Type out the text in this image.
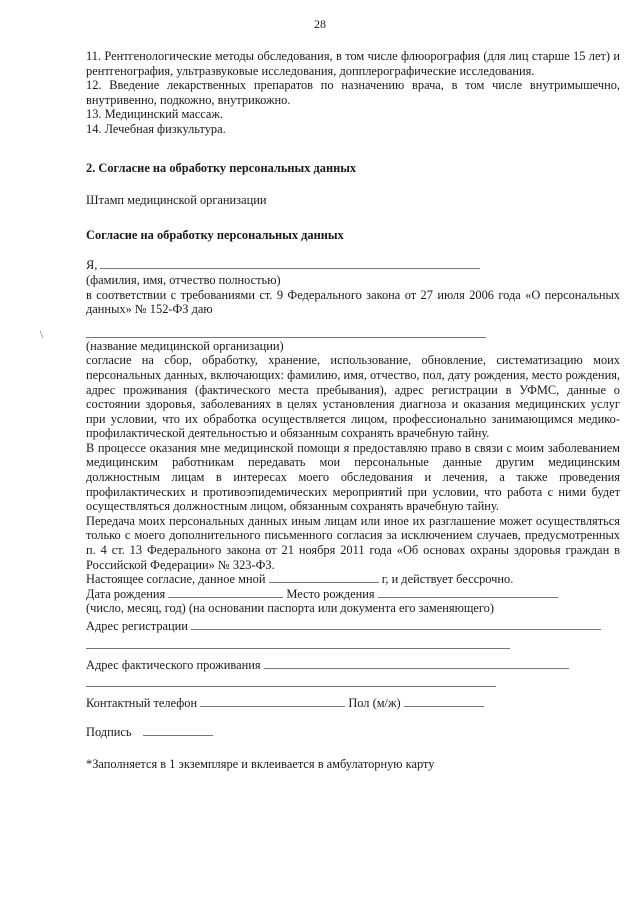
28
\

11. Рентгенологические методы обследования, в том числе флюорография (для лиц старше 15 лет) и рентгенография, ультразвуковые исследования, допплерографические исследования.

12. Введение лекарственных препаратов по назначению врача, в том числе внутримышечно, внутривенно, подкожно, внутрикожно.

13. Медицинский массаж.

14. Лечебная физкультура.

2. Согласие на обработку персональных данных

Штамп медицинской организации

Согласие на обработку персональных данных

Я,

(фамилия, имя, отчество полностью)

в соответствии с требованиями ст. 9 Федерального закона от 27 июля 2006 года «О персональных данных» № 152-ФЗ даю

(название медицинской организации)

согласие на сбор, обработку, хранение, использование, обновление, систематизацию моих персональных данных, включающих: фамилию, имя, отчество, пол, дату рождения, место рождения, адрес проживания (фактического места пребывания), адрес регистрации в УФМС, данные о состоянии здоровья, заболеваниях в целях установления диагноза и оказания медицинских услуг при условии, что их обработка осуществляется лицом, профессионально занимающимся медико-профилактической деятельностью и обязанным сохранять врачебную тайну.

В процессе оказания мне медицинской помощи я предоставляю право в связи с моим заболеванием медицинским работникам передавать мои персональные данные другим медицинским должностным лицам в интересах моего обследования и лечения, а также проведения профилактических и противоэпидемических мероприятий при условии, что работа с ними будет осуществляться должностным лицом, обязанным сохранять врачебную тайну.

Передача моих персональных данных иным лицам или иное их разглашение может осуществляться только с моего дополнительного письменного согласия за исключением случаев, предусмотренных п. 4 ст. 13 Федерального закона от 21 ноября 2011 года «Об основах охраны здоровья граждан в Российской Федерации» № 323-ФЗ.

Настоящее согласие, данное мной	г, и действует бессрочно.

Дата рождения	Место рождения

(число, месяц, год) (на основании паспорта или документа его заменяющего)

Адрес регистрации

Адрес фактического проживания

Контактный телефон	Пол (м/ж)

Подпись

*Заполняется в 1 экземпляре и вклеивается в амбулаторную карту
